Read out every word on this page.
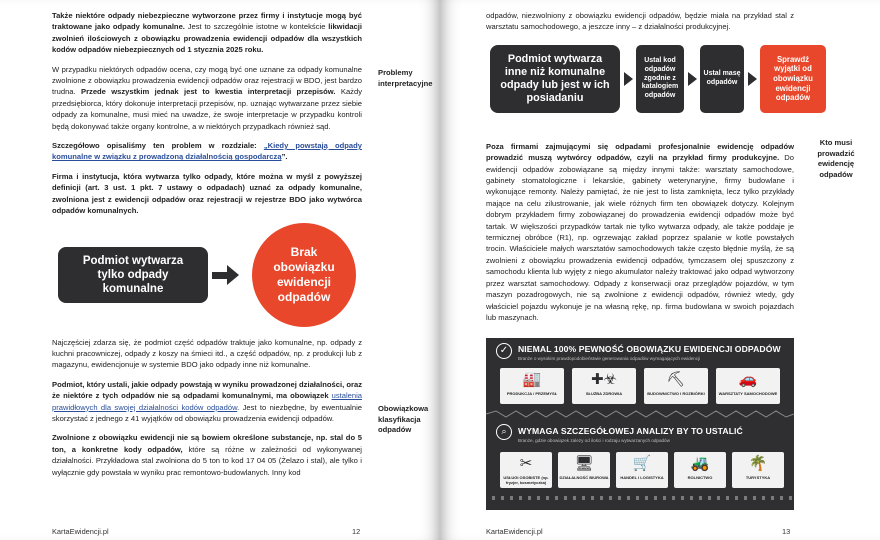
Także niektóre odpady niebezpieczne wytworzone przez firmy i instytucje mogą być traktowane jako odpady komunalne. Jest to szczególnie istotne w kontekście likwidacji zwolnień ilościowych z obowiązku prowadzenia ewidencji odpadów dla wszystkich kodów odpadów niebezpiecznych od 1 stycznia 2025 roku.

W przypadku niektórych odpadów ocena, czy mogą być one uznane za odpady komunalne zwolnione z obowiązku prowadzenia ewidencji odpadów oraz rejestracji w BDO, jest bardzo trudna. Przede wszystkim jednak jest to kwestia interpretacji przepisów. Każdy przedsiębiorca, który dokonuje interpretacji przepisów, np. uznając wytwarzane przez siebie odpady za komunalne, musi mieć na uwadze, że swoje interpretacje w przypadku kontroli będą dokonywać także organy kontrolne, a w niektórych przypadkach również sąd.

Szczegółowo opisaliśmy ten problem w rozdziale: „Kiedy powstają odpady komunalne w związku z prowadzoną działalnością gospodarczą”.

Firma i instytucja, która wytwarza tylko odpady, które można w myśl z powyższej definicji (art. 3 ust. 1 pkt. 7 ustawy o odpadach) uznać za odpady komunalne, zwolniona jest z ewidencji odpadów oraz rejestracji w rejestrze BDO jako wytwórca odpadów komunalnych.

Podmiot wytwarza tylko odpady komunalne
Brak obowiązku ewidencji odpadów

Najczęściej zdarza się, że podmiot część odpadów traktuje jako komunalne, np. odpady z kuchni pracowniczej, odpady z koszy na śmieci itd., a część odpadów, np. z produkcji lub z magazynu, ewidencjonuje w systemie BDO jako odpady inne niż komunalne.

Podmiot, który ustali, jakie odpady powstają w wyniku prowadzonej działalności, oraz że niektóre z tych odpadów nie są odpadami komunalnymi, ma obowiązek ustalenia prawidłowych dla swojej działalności kodów odpadów. Jest to niezbędne, by ewentualnie skorzystać z jednego z 41 wyjątków od obowiązku prowadzenia ewidencji odpadów.

Zwolnione z obowiązku ewidencji nie są bowiem określone substancje, np. stal do 5 ton, a konkretne kody odpadów, które są różne w zależności od wykonywanej działalności. Przykładowa stal zwolniona do 5 ton to kod 17 04 05 (Żelazo i stal), ale tylko i wyłącznie gdy powstała w wyniku prac remontowo-budowlanych. Inny kod

Problemy interpretacyjne
Obowiązkowa klasyfikacja odpadów
KartaEwidencji.pl	12

odpadów, niezwolniony z obowiązku ewidencji odpadów, będzie miała na przykład stal z warsztatu samochodowego, a jeszcze inny – z działalności produkcyjnej.

Podmiot wytwarza inne niż komunalne odpady lub jest w ich posiadaniu
Ustal kod odpadów zgodnie z katalogiem odpadów
Ustal masę odpadów
Sprawdź wyjątki od obowiązku ewidencji odpadów

Poza firmami zajmującymi się odpadami profesjonalnie ewidencję odpadów prowadzić muszą wytwórcy odpadów, czyli na przykład firmy produkcyjne. Do ewidencji odpadów zobowiązane są między innymi także: warsztaty samochodowe, gabinety stomatologiczne i lekarskie, gabinety weterynaryjne, firmy budowlane i wykonujące remonty. Należy pamiętać, że nie jest to lista zamknięta, lecz tylko przykłady mające na celu zilustrowanie, jak wiele różnych firm ten obowiązek dotyczy. Kolejnym dobrym przykładem firmy zobowiązanej do prowadzenia ewidencji odpadów może być tartak. W większości przypadków tartak nie tylko wytwarza odpady, ale także poddaje je termicznej obróbce (R1), np. ogrzewając zakład poprzez spalanie w kotle powstałych trocin. Właściciele małych warsztatów samochodowych także często błędnie myślą, że są zwolnieni z obowiązku prowadzenia ewidencji odpadów, tymczasem olej spuszczony z samochodu klienta lub wyjęty z niego akumulator należy traktować jako odpad wytworzony przez warsztat samochodowy. Odpady z konserwacji oraz przeglądów pojazdów, w tym maszyn pozadrogowych, nie są zwolnione z ewidencji odpadów, również wtedy, gdy właściciel pojazdu wykonuje je na własną rękę, np. firma budowlana w swoich pojazdach lub maszynach.

Kto musi prowadzić ewidencję odpadów
✓	NIEMAL 100% PEWNOŚĆ OBOWIĄZKU EWIDENCJI ODPADÓW
Branże o wysokim prawdopodobieństwie generowania odpadów wymagających ewidencji
🏭
PRODUKCJA / PRZEMYSŁ
✚☣
SŁUŻBA ZDROWIA
⛏
BUDOWNICTWO I ROZBIÓRKI
🚗
WARSZTATY SAMOCHODOWE
⌕	WYMAGA SZCZEGÓŁOWEJ ANALIZY BY TO USTALIĆ
Branże, gdzie obowiązek zależy od ilości i rodzaju wytwarzanych odpadów
✂
USŁUGI OSOBISTE (np. fryzjer, kosmetyczka)
🖥
DZIAŁALNOŚĆ BIUROWA
🛒
HANDEL I LOGISTYKA
🚜
ROLNICTWO
🌴
TURYSTYKA
KartaEwidencji.pl	13
